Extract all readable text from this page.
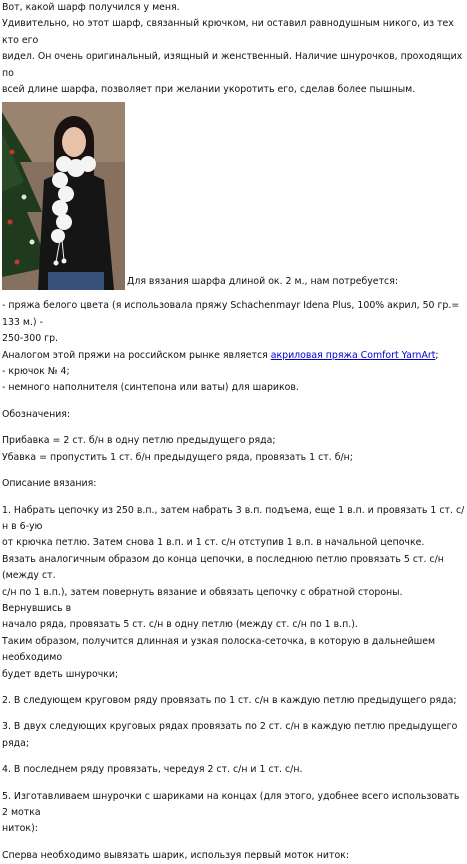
Вот, какой шарф получился у меня.

Удивительно, но этот шарф, связанный крючком, ни оставил равнодушным никого, из тех кто его

видел. Он очень оригинальный, изящный и женственный. Наличие шнурочков, проходящих по

всей длине шарфа, позволяет при желании укоротить его, сделав более пышным.

Для вязания шарфа длиной ок. 2 м., нам потребуется:

- пряжа белого цвета (я использовала пряжу Schachenmayr Idena Plus, 100% акрил, 50 гр.= 133 м.) -

250-300 гр.

Аналогом этой пряжи на российском рынке является акриловая пряжа Comfort YarnArt;

- крючок № 4;

- немного наполнителя (синтепона или ваты) для шариков.

Обозначения:

Прибавка = 2 ст. б/н в одну петлю предыдущего ряда;

Убавка = пропустить 1 ст. б/н предыдущего ряда, провязать 1 ст. б/н;

Описание вязания:

1. Набрать цепочку из 250 в.п., затем набрать 3 в.п. подъема, еще 1 в.п. и провязать 1 ст. с/н в 6-ую

от крючка петлю. Затем снова 1 в.п. и 1 ст. с/н отступив 1 в.п. в начальной цепочке.

Вязать аналогичным образом до конца цепочки, в последнюю петлю провязать 5 ст. с/н (между ст.

с/н по 1 в.п.), затем повернуть вязание и обвязать цепочку с обратной стороны. Вернувшись в

начало ряда, провязать 5 ст. с/н в одну петлю (между ст. с/н по 1 в.п.).

Таким образом, получится длинная и узкая полоска-сеточка, в которую в дальнейшем необходимо

будет вдеть шнурочки;

2. В следующем круговом ряду провязать по 1 ст. с/н в каждую петлю предыдущего ряда;

3. В двух следующих круговых рядах провязать по 2 ст. с/н в каждую петлю предыдущего ряда;

4. В последнем ряду провязать, чередуя 2 ст. с/н и 1 ст. с/н.

5. Изготавливаем шнурочки с шариками на концах (для этого, удобнее всего использовать 2 мотка

ниток):

Сперва необходимо вывязать шарик, используя первый моток ниток:
